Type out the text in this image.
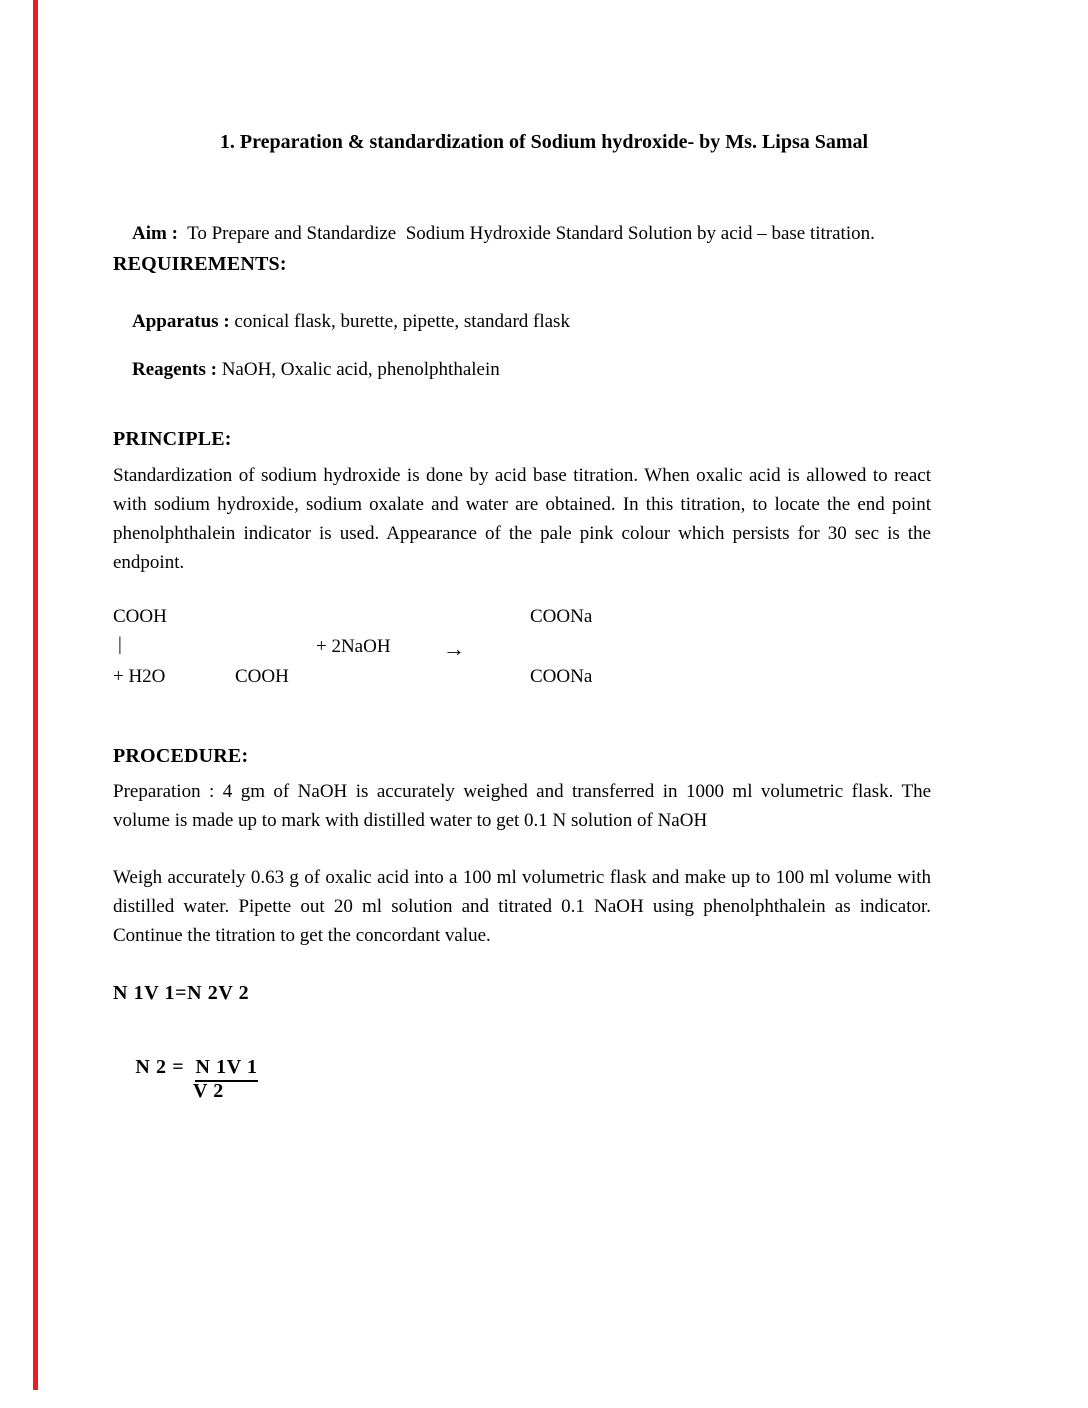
1. Preparation & standardization of Sodium hydroxide- by Ms. Lipsa Samal

Aim :  To Prepare and Standardize  Sodium Hydroxide Standard Solution by acid – base titration.

REQUIREMENTS:

Apparatus : conical flask, burette, pipette, standard flask

Reagents : NaOH, Oxalic acid, phenolphthalein

PRINCIPLE:
Standardization of sodium hydroxide is done by acid base titration. When oxalic acid is allowed to react with sodium hydroxide, sodium oxalate and water are obtained. In this titration, to locate the end point phenolphthalein indicator is used. Appearance of the pale pink colour which persists for 30 sec is the endpoint.
COOH	COONa
|	+ 2NaOH →
+ H2O	COOH	COONa
PROCEDURE:
Preparation : 4 gm of NaOH is accurately weighed and transferred in 1000 ml volumetric flask. The volume is made up to mark with distilled water to get 0.1 N solution of NaOH
Weigh accurately 0.63 g of oxalic acid into a 100 ml volumetric flask and make up to 100 ml volume with distilled water. Pipette out 20 ml solution and titrated 0.1 NaOH using phenolphthalein as indicator. Continue the titration to get the concordant value.
N 1V 1=N 2V 2

N 2 =  N 1V 1

V 2
